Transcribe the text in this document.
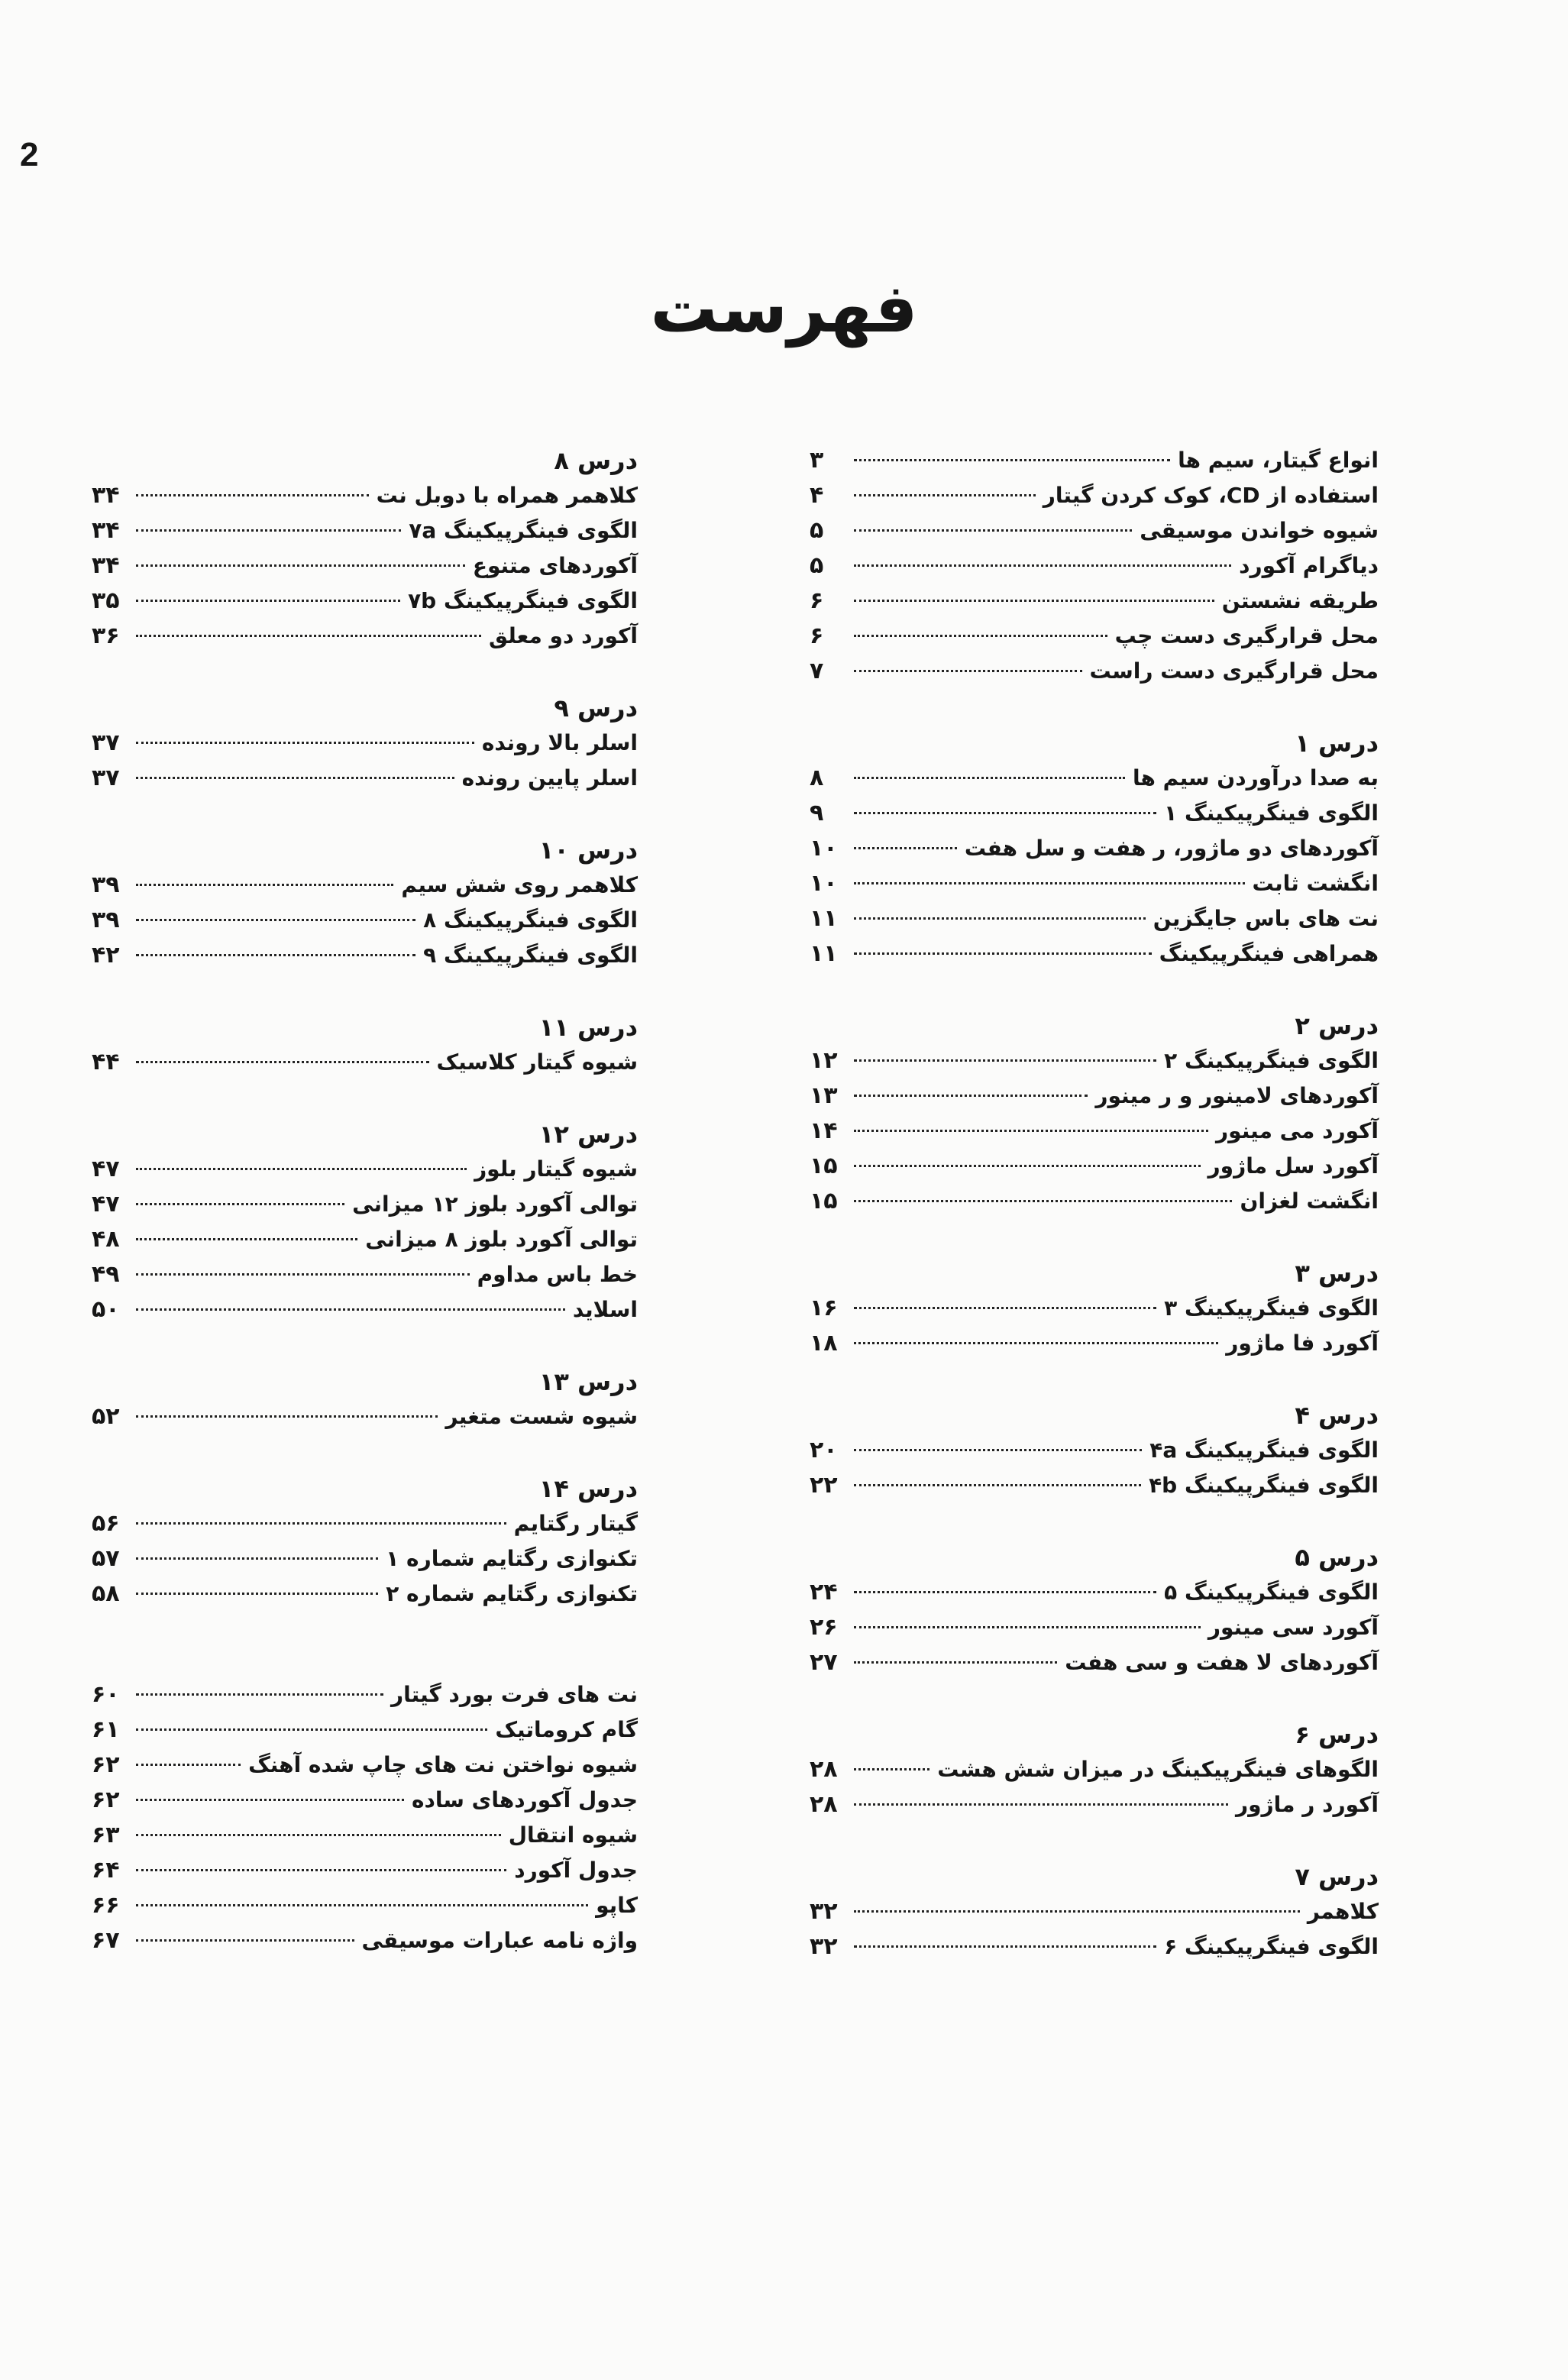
2
فهرست
انواع گیتار، سیم ها
۳
استفاده از CD، کوک کردن گیتار
۴
شیوه خواندن موسیقی
۵
دیاگرام آکورد
۵
طریقه نشستن
۶
محل قرارگیری دست چپ
۶
محل قرارگیری دست راست
۷
درس ۱
به صدا درآوردن سیم ها
۸
الگوی فینگرپیکینگ ۱
۹
آکوردهای دو ماژور، ر هفت و سل هفت
۱۰
انگشت ثابت
۱۰
نت های باس جایگزین
۱۱
همراهی فینگرپیکینگ
۱۱
درس ۲
الگوی فینگرپیکینگ ۲
۱۲
آکوردهای لامینور و ر مینور
۱۳
آکورد می مینور
۱۴
آکورد سل ماژور
۱۵
انگشت لغزان
۱۵
درس ۳
الگوی فینگرپیکینگ ۳
۱۶
آکورد فا ماژور
۱۸
درس ۴
الگوی فینگرپیکینگ ۴a
۲۰
الگوی فینگرپیکینگ ۴b
۲۲
درس ۵
الگوی فینگرپیکینگ ۵
۲۴
آکورد سی مینور
۲۶
آکوردهای لا هفت و سی هفت
۲۷
درس ۶
الگوهای فینگرپیکینگ در میزان شش هشت
۲۸
آکورد ر ماژور
۲۸
درس ۷
کلاهمر
۳۲
الگوی فینگرپیکینگ ۶
۳۲
درس ۸
کلاهمر همراه با دوبل نت
۳۴
الگوی فینگرپیکینگ ۷a
۳۴
آکوردهای متنوع
۳۴
الگوی فینگرپیکینگ ۷b
۳۵
آکورد دو معلق
۳۶
درس ۹
اسلر بالا رونده
۳۷
اسلر پایین رونده
۳۷
درس ۱۰
کلاهمر روی شش سیم
۳۹
الگوی فینگرپیکینگ ۸
۳۹
الگوی فینگرپیکینگ ۹
۴۲
درس ۱۱
شیوه گیتار کلاسیک
۴۴
درس ۱۲
شیوه گیتار بلوز
۴۷
توالی آکورد بلوز ۱۲ میزانی
۴۷
توالی آکورد بلوز ۸ میزانی
۴۸
خط باس مداوم
۴۹
اسلاید
۵۰
درس ۱۳
شیوه شست متغیر
۵۲
درس ۱۴
گیتار رگتایم
۵۶
تکنوازی رگتایم شماره ۱
۵۷
تکنوازی رگتایم شماره ۲
۵۸
نت های فرت بورد گیتار
۶۰
گام کروماتیک
۶۱
شیوه نواختن نت های چاپ شده آهنگ
۶۲
جدول آکوردهای ساده
۶۲
شیوه انتقال
۶۳
جدول آکورد
۶۴
کاپو
۶۶
واژه نامه عبارات موسیقی
۶۷
